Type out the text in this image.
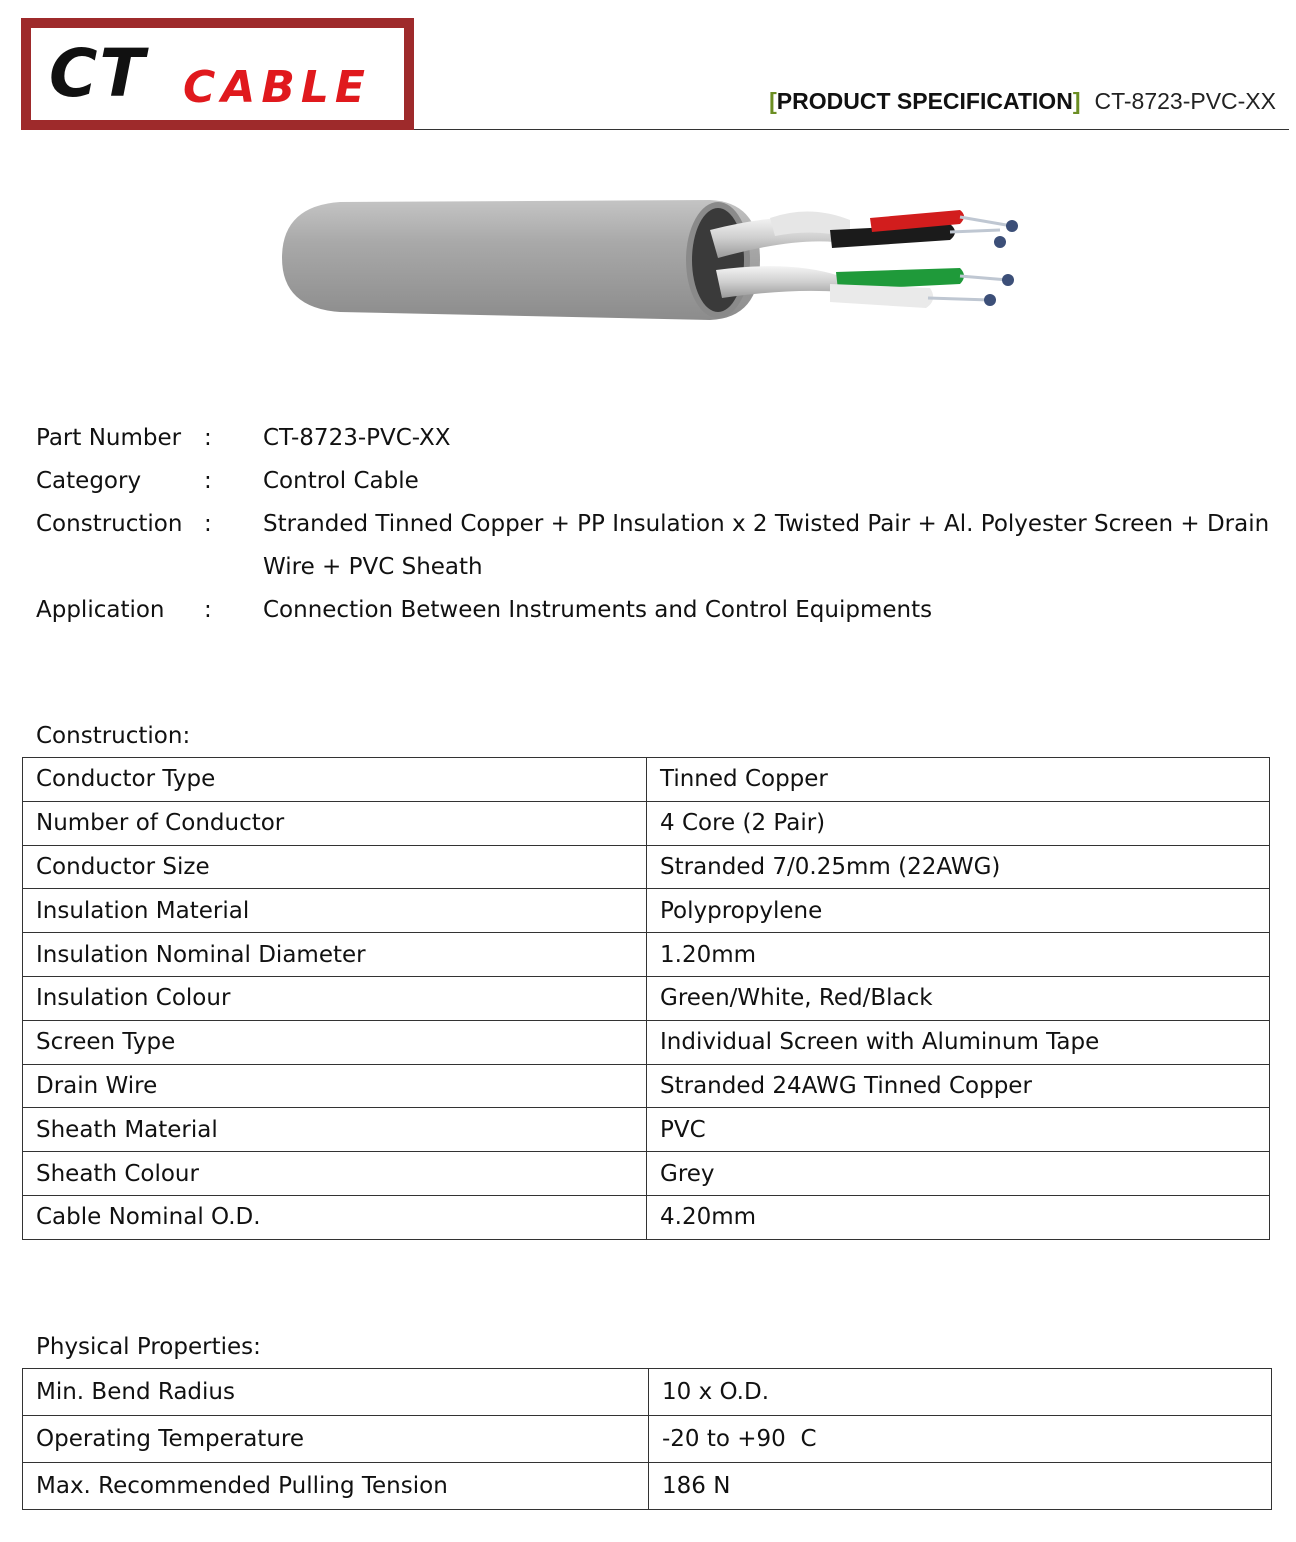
CT CABLE	[PRODUCT SPECIFICATION] CT-8723-PVC-XX
Part Number :	CT-8723-PVC-XX
Category	:	Control Cable
Construction :	Stranded Tinned Copper + PP Insulation x 2 Twisted Pair + Al. Polyester Screen + Drain
Wire + PVC Sheath
Application	:	Connection Between Instruments and Control Equipments
Construction:
Conductor Type	Tinned Copper
Number of Conductor	4 Core (2 Pair)
Conductor Size	Stranded 7/0.25mm (22AWG)
Insulation Material	Polypropylene
Insulation Nominal Diameter	1.20mm
Insulation Colour	Green/White, Red/Black
Screen Type	Individual Screen with Aluminum Tape
Drain Wire	Stranded 24AWG Tinned Copper
Sheath Material	PVC
Sheath Colour	Grey
Cable Nominal O.D.	4.20mm
Physical Properties:
Min. Bend Radius	10 x O.D.
Operating Temperature	-20 to +90  C
Max. Recommended Pulling Tension	186 N
